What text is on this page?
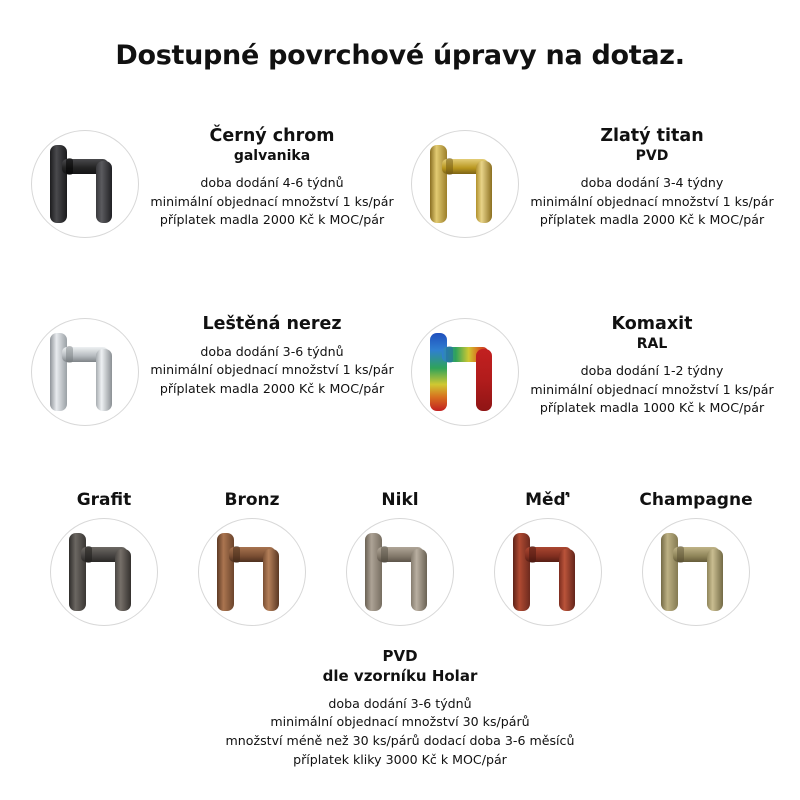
Dostupné povrchové úpravy na dotaz.
Černý chrom
galvanika
doba dodání 4-6 týdnů
minimální objednací množství 1 ks/pár
příplatek madla 2000 Kč k MOC/pár
Zlatý titan
PVD
doba dodání 3-4 týdny
minimální objednací množství 1 ks/pár
příplatek madla 2000 Kč k MOC/pár
Leštěná nerez
doba dodání 3-6 týdnů
minimální objednací množství 1 ks/pár
příplatek madla 2000 Kč k MOC/pár
Komaxit
RAL
doba dodání 1-2 týdny
minimální objednací množství 1 ks/pár
příplatek madla 1000 Kč k MOC/pár
Grafit	Bronz	Nikl	Měď'	Champagne
PVD
dle vzorníku Holar
doba dodání 3-6 týdnů
minimální objednací množství 30 ks/párů
množství méně než 30 ks/párů dodací doba 3-6 měsíců
příplatek kliky 3000 Kč k MOC/pár
